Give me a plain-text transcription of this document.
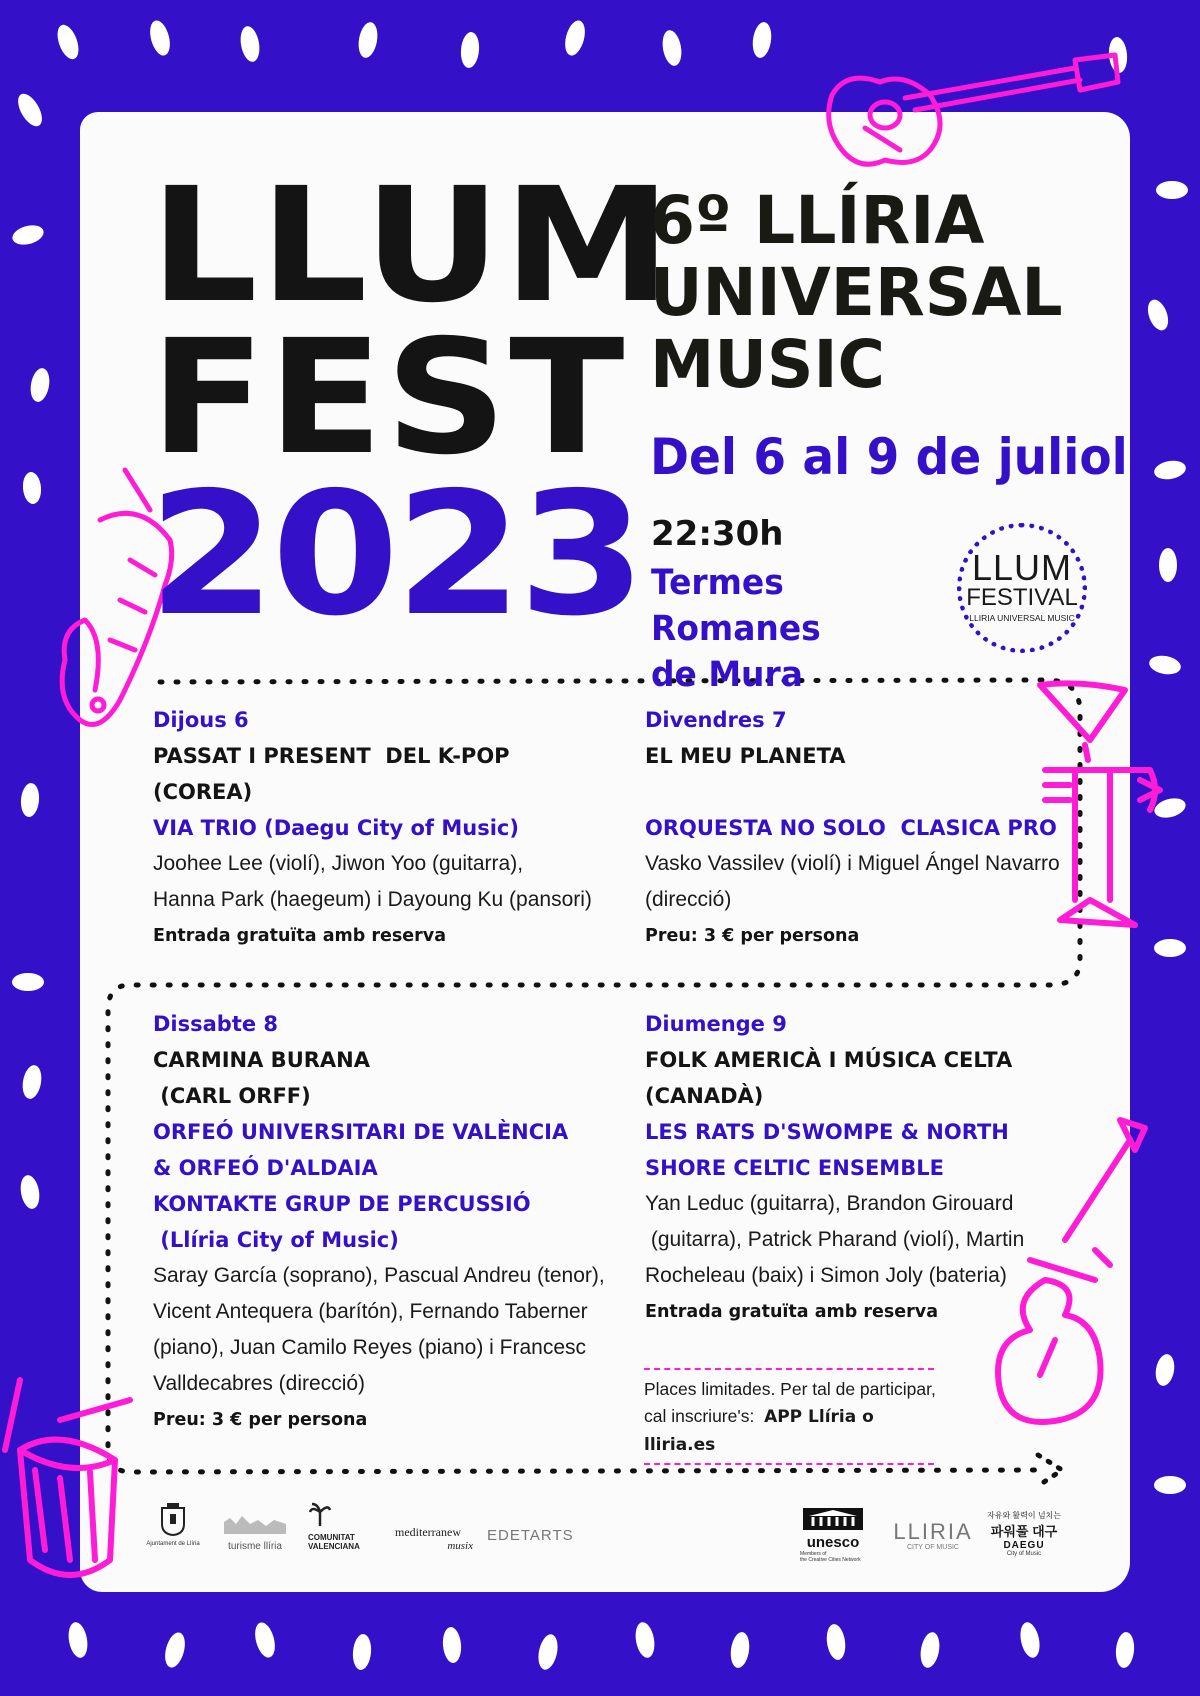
LLUM
FEST
2023
6º LLÍRIA
UNIVERSAL
MUSIC
Del 6 al 9 de juliol
22:30h
Termes Romanes
de Mura
LLUM
FESTIVAL
LLIRIA UNIVERSAL MUSIC
Dijous 6
PASSAT I PRESENT  DEL K-POP
(COREA)
VIA TRIO (Daegu City of Music)
Joohee Lee (violí), Jiwon Yoo (guitarra),
Hanna Park (haegeum) i Dayoung Ku (pansori)
Entrada gratuïta amb reserva
Divendres 7
EL MEU PLANETA
ORQUESTA NO SOLO  CLASICA PRO
Vasko Vassilev (violí) i Miguel Ángel Navarro
(direcció)
Preu: 3 € per persona
Dissabte 8
CARMINA BURANA
(CARL ORFF)
ORFEÓ UNIVERSITARI DE VALÈNCIA
& ORFEÓ D'ALDAIA
KONTAKTE GRUP DE PERCUSSIÓ
(Llíria City of Music)
Saray García (soprano), Pascual Andreu (tenor),
Vicent Antequera (barítón), Fernando Taberner
(piano), Juan Camilo Reyes (piano) i Francesc
Valldecabres (direcció)
Preu: 3 € per persona
Diumenge 9
FOLK AMERICÀ I MÚSICA CELTA
(CANADÀ)
LES RATS D'SWOMPE & NORTH
SHORE CELTIC ENSEMBLE
Yan Leduc (guitarra), Brandon Girouard
(guitarra), Patrick Pharand (violí), Martin
Rocheleau (baix) i Simon Joly (bateria)
Entrada gratuïta amb reserva
Places limitades. Per tal de participar,
cal inscriure's: APP Llíria o lliria.es
Ajuntament de Llíria	turisme llíria
COMUNITAT
VALENCIANA
mediterranew
musix
EDETARTS	unesco
Members of
the Creative Cities Network
LLIRIA
CITY OF MUSIC
자유와 활력이 넘치는
파워풀 대구
DAEGU
City of Music
